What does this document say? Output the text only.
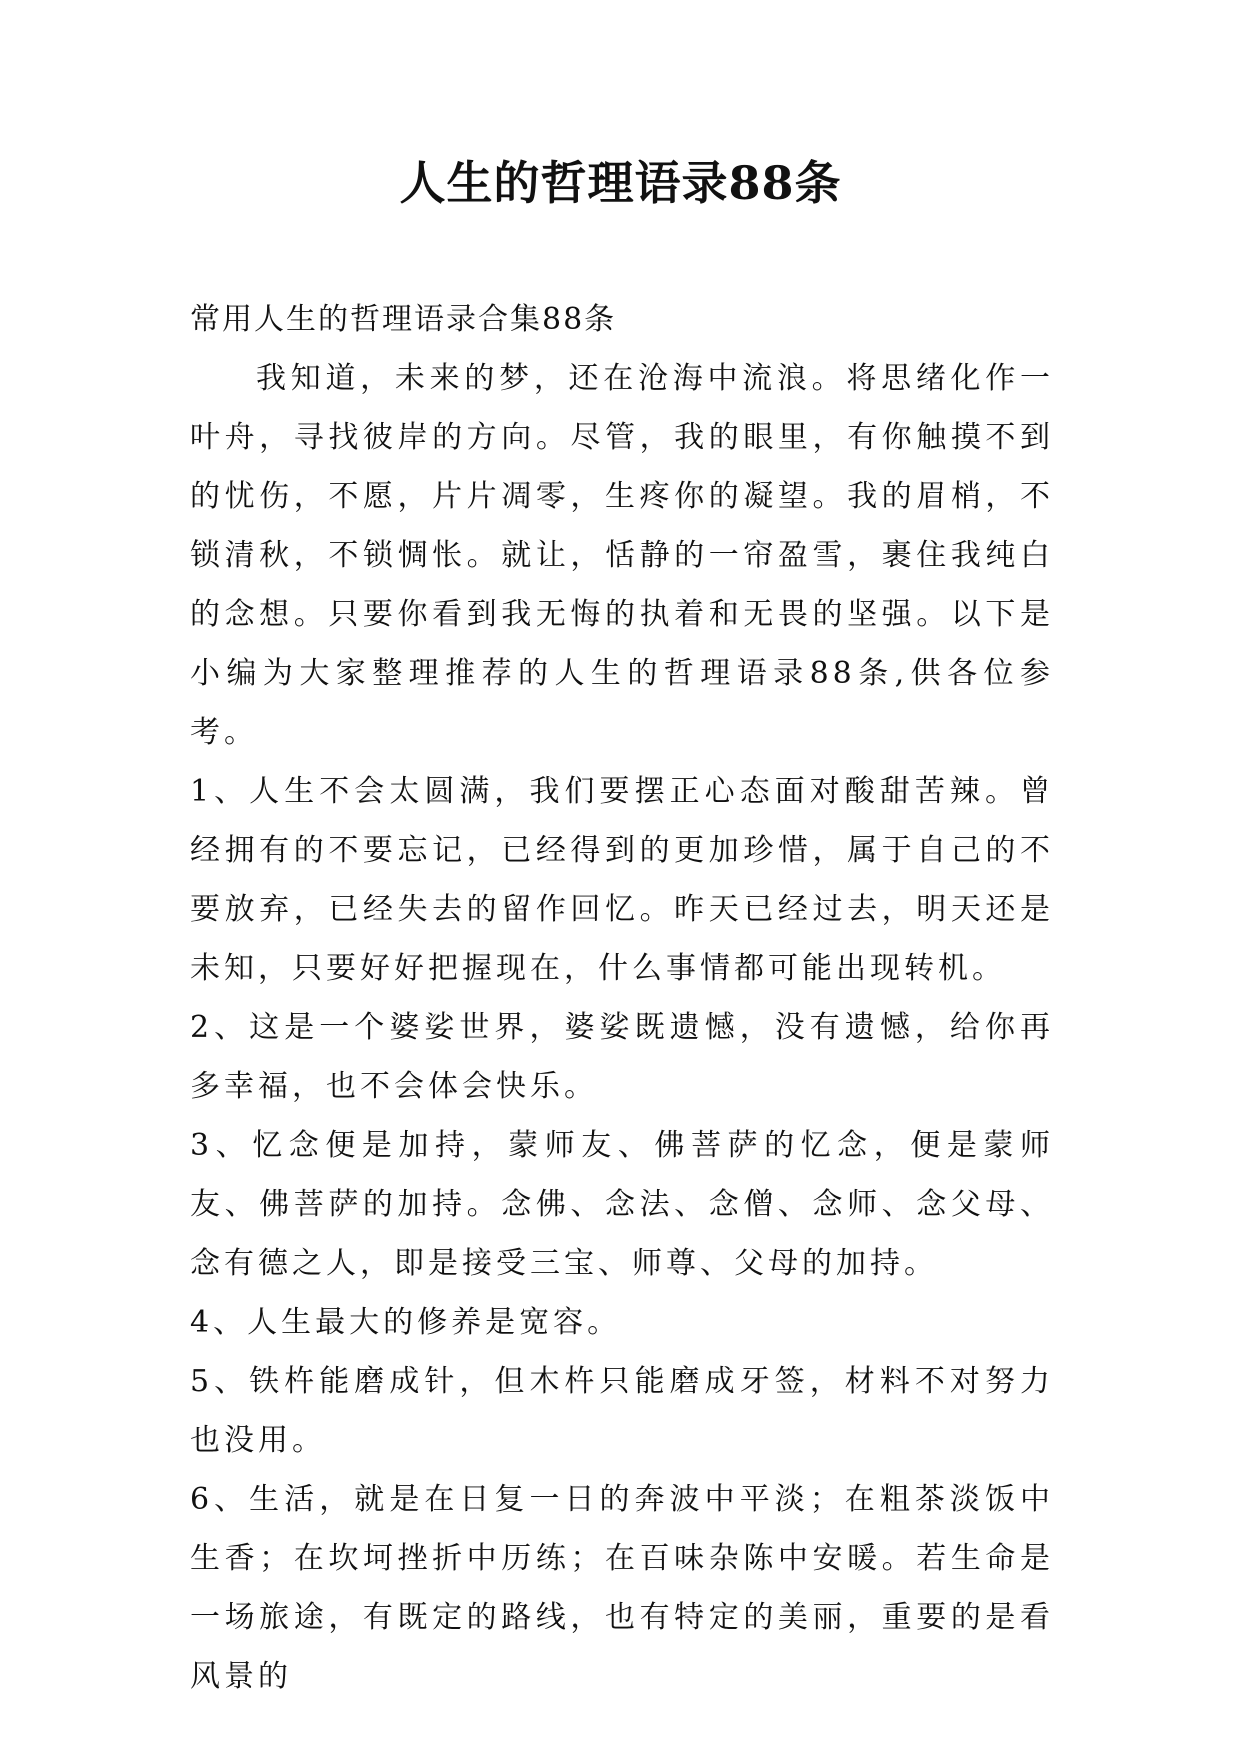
人生的哲理语录88条

常用人生的哲理语录合集88条

我知道，未来的梦，还在沧海中流浪。将思绪化作一叶舟，寻找彼岸的方向。尽管，我的眼里，有你触摸不到的忧伤，不愿，片片凋零，生疼你的凝望。我的眉梢，不锁清秋，不锁惆怅。就让，恬静的一帘盈雪，裹住我纯白的念想。只要你看到我无悔的执着和无畏的坚强。以下是小编为大家整理推荐的人生的哲理语录88条,供各位参考。

1、人生不会太圆满，我们要摆正心态面对酸甜苦辣。曾经拥有的不要忘记，已经得到的更加珍惜，属于自己的不要放弃，已经失去的留作回忆。昨天已经过去，明天还是未知，只要好好把握现在，什么事情都可能出现转机。

2、这是一个婆娑世界，婆娑既遗憾，没有遗憾，给你再多幸福，也不会体会快乐。

3、忆念便是加持，蒙师友、佛菩萨的忆念，便是蒙师友、佛菩萨的加持。念佛、念法、念僧、念师、念父母、念有德之人，即是接受三宝、师尊、父母的加持。

4、人生最大的修养是宽容。

5、铁杵能磨成针，但木杵只能磨成牙签，材料不对努力也没用。

6、生活，就是在日复一日的奔波中平淡；在粗茶淡饭中生香；在坎坷挫折中历练；在百味杂陈中安暖。若生命是一场旅途，有既定的路线，也有特定的美丽，重要的是看风景的
